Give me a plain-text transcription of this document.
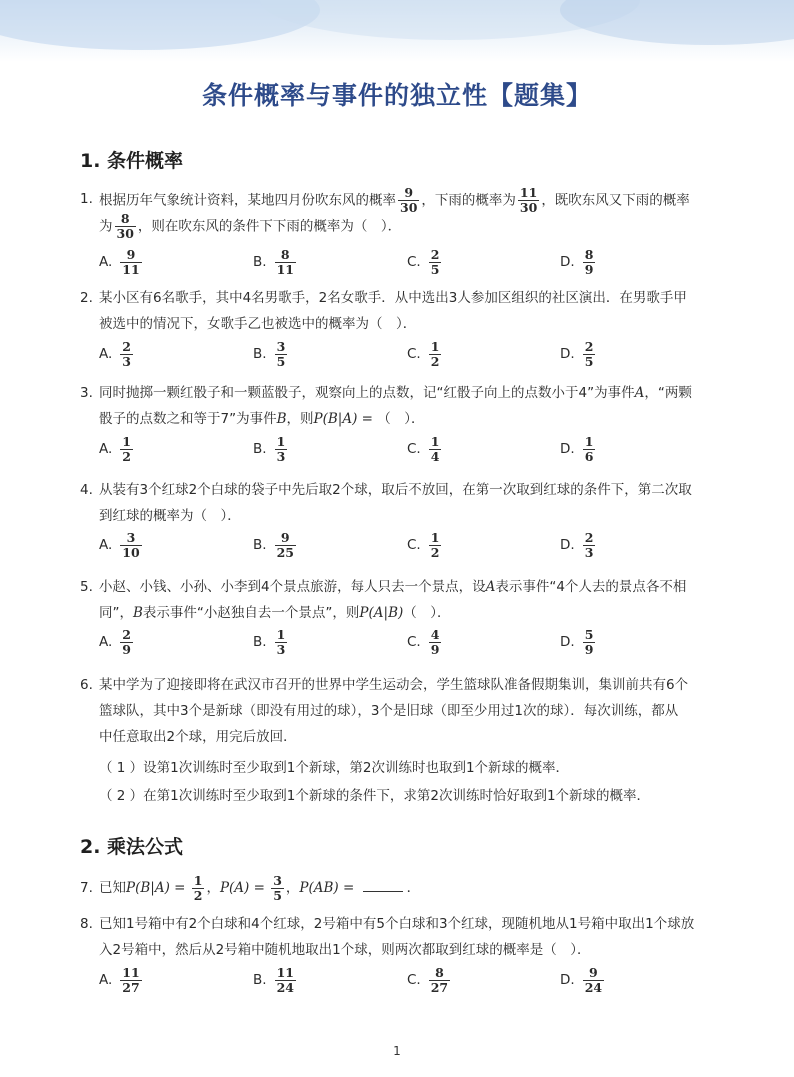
条件概率与事件的独立性【题集】
1. 条件概率
1. 根据历年气象统计资料，某地四月份吹东风的概率 $\frac{9}{30}$ ，下雨的概率为 $\frac{11}{30}$ ，既吹东风又下雨的概率
为 $\frac{8}{30}$ ，则在吹东风的条件下下雨的概率为（　）．
A. $\frac{9}{11}$	B. $\frac{8}{11}$	C. $\frac{2}{5}$	D. $\frac{8}{9}$
2. 某小区有6名歌手，其中4名男歌手，2名女歌手．从中选出3人参加区组织的社区演出．在男歌手甲
被选中的情况下，女歌手乙也被选中的概率为（　）．
A. $\frac{2}{3}$	B. $\frac{3}{5}$	C. $\frac{1}{2}$	D. $\frac{2}{5}$
3. 同时抛掷一颗红骰子和一颗蓝骰子，观察向上的点数，记“红骰子向上的点数小于4”为事件A，“两颗
骰子的点数之和等于7”为事件B，则P(B|A) = （　）．
A. $\frac{1}{2}$	B. $\frac{1}{3}$	C. $\frac{1}{4}$	D. $\frac{1}{6}$
4. 从装有3个红球2个白球的袋子中先后取2个球，取后不放回，在第一次取到红球的条件下，第二次取
到红球的概率为（　）．
A. $\frac{3}{10}$	B. $\frac{9}{25}$	C. $\frac{1}{2}$	D. $\frac{2}{3}$
5. 小赵、小钱、小孙、小李到4个景点旅游，每人只去一个景点，设A表示事件“4个人去的景点各不相
同”，B表示事件“小赵独自去一个景点”，则P(A|B)（　）．
A. $\frac{2}{9}$	B. $\frac{1}{3}$	C. $\frac{4}{9}$	D. $\frac{5}{9}$
6. 某中学为了迎接即将在武汉市召开的世界中学生运动会，学生篮球队准备假期集训，集训前共有6个
篮球队，其中3个是新球（即没有用过的球），3个是旧球（即至少用过1次的球）．每次训练，都从
中任意取出2个球，用完后放回．
（ 1 ）设第1次训练时至少取到1个新球，第2次训练时也取到1个新球的概率．
（ 2 ）在第1次训练时至少取到1个新球的条件下，求第2次训练时恰好取到1个新球的概率．
2. 乘法公式
7. 已知$P(B|A) = \frac{1}{2}$ ，$P(A) = \frac{3}{5}$ ，P(AB) =	．
8. 已知1号箱中有2个白球和4个红球，2号箱中有5个白球和3个红球，现随机地从1号箱中取出1个球放
入2号箱中，然后从2号箱中随机地取出1个球，则两次都取到红球的概率是（　）．
A. $\frac{11}{27}$	B. $\frac{11}{24}$	C. $\frac{8}{27}$	D. $\frac{9}{24}$
1
